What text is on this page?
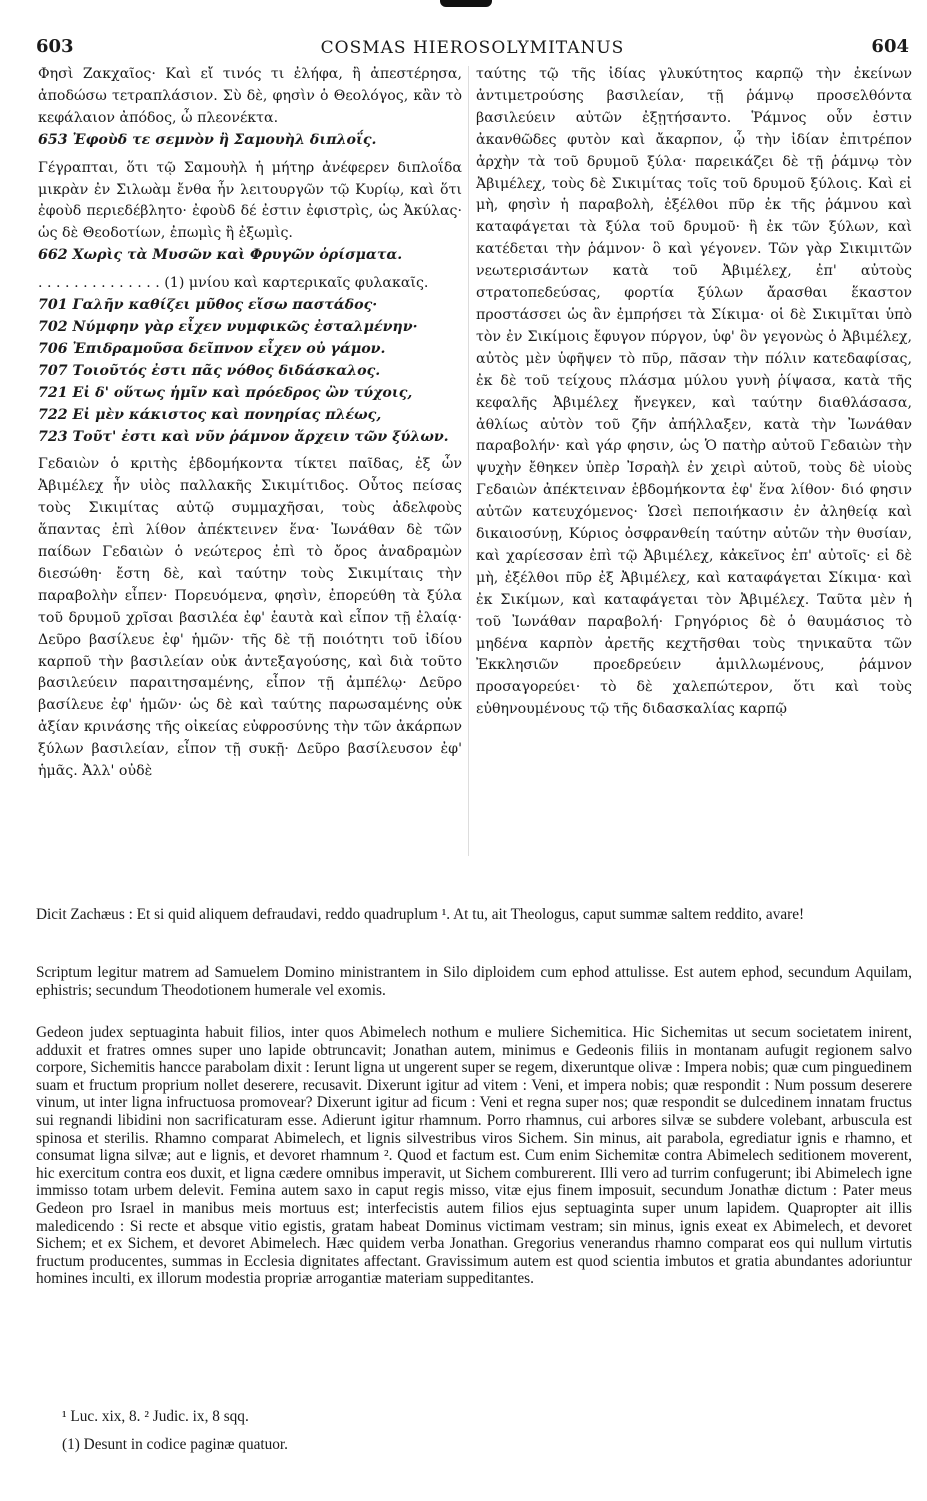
603	COSMAS HIEROSOLYMITANUS	604

Φησὶ Ζακχαῖος· Καὶ εἴ τινός τι ἐλήφα, ἢ ἀπεστέρησα, ἀποδώσω τετραπλάσιον. Σὺ δὲ, φησὶν ὁ Θεολόγος, κἂν τὸ κεφάλαιον ἀπόδος, ὦ πλεονέκτα.

653 Ἐφοὺδ τε σεμνὸν ἢ Σαμουὴλ διπλοΐς.

Γέγραπται, ὅτι τῷ Σαμουὴλ ἡ μήτηρ ἀνέφερεν διπλοΐδα μικρὰν ἐν Σιλωὰμ ἔνθα ἦν λειτουργῶν τῷ Κυρίῳ, καὶ ὅτι ἐφοὺδ περιεδέβλητο· ἐφοὺδ δέ ἐστιν ἐφιστρὶς, ὡς Ἀκύλας· ὡς δὲ Θεοδοτίων, ἐπωμὶς ἢ ἐξωμὶς.

662 Χωρὶς τὰ Μυσῶν καὶ Φρυγῶν ὁρίσματα.

. . . . . . . . . . . . . . (1) μνίου καὶ καρτερικαῖς φυλακαῖς.

701 Γαλῆν καθίζει μῦθος εἴσω παστάδος·

702 Νύμφην γὰρ εἶχεν νυμφικῶς ἐσταλμένην·

706 Ἐπιδραμοῦσα δεῖπνον εἶχεν οὐ γάμον.

707 Τοιοῦτός ἐστι πᾶς νόθος διδάσκαλος.

721 Εἰ δ' οὕτως ἡμῖν καὶ πρόεδρος ὢν τύχοις,

722 Εἰ μὲν κάκιστος καὶ πονηρίας πλέως,

723 Τοῦτ' ἐστι καὶ νῦν ῥάμνον ἄρχειν τῶν ξύλων.

Γεδαιὼν ὁ κριτὴς ἑβδομήκοντα τίκτει παῖδας, ἐξ ὧν Ἀβιμέλεχ ἦν υἱὸς παλλακῆς Σικιμίτιδος. Οὗτος πείσας τοὺς Σικιμίτας αὐτῷ συμμαχῆσαι, τοὺς ἀδελφοὺς ἅπαντας ἐπὶ λίθον ἀπέκτεινεν ἕνα· Ἰωνάθαν δὲ τῶν παίδων Γεδαιὼν ὁ νεώτερος ἐπὶ τὸ ὄρος ἀναδραμὼν διεσώθη· ἔστη δὲ, καὶ ταύτην τοὺς Σικιμίταις τὴν παραβολὴν εἶπεν· Πορευόμενα, φησὶν, ἐπορεύθη τὰ ξύλα τοῦ δρυμοῦ χρῖσαι βασιλέα ἐφ' ἑαυτὰ καὶ εἶπον τῇ ἐλαίᾳ· Δεῦρο βασίλευε ἐφ' ἡμῶν· τῆς δὲ τῇ ποιότητι τοῦ ἰδίου καρποῦ τὴν βασιλείαν οὐκ ἀντεξαγούσης, καὶ διὰ τοῦτο βασιλεύειν παραιτησαμένης, εἶπον τῇ ἀμπέλῳ· Δεῦρο βασίλευε ἐφ' ἡμῶν· ὡς δὲ καὶ ταύτης παρωσαμένης οὐκ ἀξίαν κρινάσης τῆς οἰκείας εὐφροσύνης τὴν τῶν ἀκάρπων ξύλων βασιλείαν, εἶπον τῇ συκῇ· Δεῦρο βασίλευσον ἐφ' ἡμᾶς. Ἀλλ' οὐδὲ

ταύτης τῷ τῆς ἰδίας γλυκύτητος καρπῷ τὴν ἐκείνων ἀντιμετρούσης βασιλείαν, τῇ ῥάμνῳ προσελθόντα βασιλεύειν αὐτῶν ἐξῃτήσαντο. Ῥάμνος οὖν ἐστιν ἀκανθῶδες φυτὸν καὶ ἄκαρπον, ᾧ τὴν ἰδίαν ἐπιτρέπον ἀρχὴν τὰ τοῦ δρυμοῦ ξύλα· παρεικάζει δὲ τῇ ῥάμνῳ τὸν Ἀβιμέλεχ, τοὺς δὲ Σικιμίτας τοῖς τοῦ δρυμοῦ ξύλοις. Καὶ εἰ μὴ, φησὶν ἡ παραβολὴ, ἐξέλθοι πῦρ ἐκ τῆς ῥάμνου καὶ καταφάγεται τὰ ξύλα τοῦ δρυμοῦ· ἢ ἐκ τῶν ξύλων, καὶ κατέδεται τὴν ῥάμνον· ὃ καὶ γέγονεν. Τῶν γὰρ Σικιμιτῶν νεωτερισάντων κατὰ τοῦ Ἀβιμέλεχ, ἐπ' αὐτοὺς στρατοπεδεύσας, φορτία ξύλων ἄρασθαι ἕκαστον προστάσσει ὡς ἂν ἐμπρήσει τὰ Σίκιμα· οἱ δὲ Σικιμῖται ὑπὸ τὸν ἐν Σικίμοις ἔφυγον πύργον, ὑφ' ὃν γεγονὼς ὁ Ἀβιμέλεχ, αὐτὸς μὲν ὑφῆψεν τὸ πῦρ, πᾶσαν τὴν πόλιν κατεδαφίσας, ἐκ δὲ τοῦ τείχους πλάσμα μύλου γυνὴ ῥίψασα, κατὰ τῆς κεφαλῆς Ἀβιμέλεχ ἤνεγκεν, καὶ ταύτην διαθλάσασα, ἀθλίως αὐτὸν τοῦ ζῆν ἀπήλλαξεν, κατὰ τὴν Ἰωνάθαν παραβολήν· καὶ γάρ φησιν, ὡς Ὁ πατὴρ αὐτοῦ Γεδαιὼν τὴν ψυχὴν ἔθηκεν ὑπὲρ Ἰσραὴλ ἐν χειρὶ αὐτοῦ, τοὺς δὲ υἱοὺς Γεδαιὼν ἀπέκτειναν ἑβδομήκοντα ἐφ' ἕνα λίθον· διό φησιν αὐτῶν κατευχόμενος· Ὡσεὶ πεποιήκασιν ἐν ἀληθείᾳ καὶ δικαιοσύνῃ, Κύριος ὀσφρανθείη ταύτην αὐτῶν τὴν θυσίαν, καὶ χαρίεσσαν ἐπὶ τῷ Ἀβιμέλεχ, κἀκεῖνος ἐπ' αὐτοῖς· εἰ δὲ μὴ, ἐξέλθοι πῦρ ἐξ Ἀβιμέλεχ, καὶ καταφάγεται Σίκιμα· καὶ ἐκ Σικίμων, καὶ καταφάγεται τὸν Ἀβιμέλεχ. Ταῦτα μὲν ἡ τοῦ Ἰωνάθαν παραβολή· Γρηγόριος δὲ ὁ θαυμάσιος τὸ μηδένα καρπὸν ἀρετῆς κεχτῆσθαι τοὺς τηνικαῦτα τῶν Ἐκκλησιῶν προεδρεύειν ἁμιλλωμένους, ῥάμνον προσαγορεύει· τὸ δὲ χαλεπώτερον, ὅτι καὶ τοὺς εὐθηνουμένους τῷ τῆς διδασκαλίας καρπῷ

Dicit Zachæus : Et si quid aliquem defraudavi, reddo quadruplum ¹. At tu, ait Theologus, caput summæ saltem reddito, avare!

Scriptum legitur matrem ad Samuelem Domino ministrantem in Silo diploidem cum ephod attulisse. Est autem ephod, secundum Aquilam, ephistris; secundum Theodotionem humerale vel exomis.

Gedeon judex septuaginta habuit filios, inter quos Abimelech nothum e muliere Sichemitica. Hic Sichemitas ut secum societatem inirent, adduxit et fratres omnes super uno lapide obtruncavit; Jonathan autem, minimus e Gedeonis filiis in montanam aufugit regionem salvo corpore, Sichemitis hancce parabolam dixit : Ierunt ligna ut ungerent super se regem, dixeruntque olivæ : Impera nobis; quæ cum pinguedinem suam et fructum proprium nollet deserere, recusavit. Dixerunt igitur ad vitem : Veni, et impera nobis; quæ respondit : Num possum deserere vinum, ut inter ligna infructuosa promovear? Dixerunt igitur ad ficum : Veni et regna super nos; quæ respondit se dulcedinem innatam fructus sui regnandi libidini non sacrificaturam esse. Adierunt igitur rhamnum. Porro rhamnus, cui arbores silvæ se subdere volebant, arbuscula est spinosa et sterilis. Rhamno comparat Abimelech, et lignis silvestribus viros Sichem. Sin minus, ait parabola, egrediatur ignis e rhamno, et consumat ligna silvæ; aut e lignis, et devoret rhamnum ². Quod et factum est. Cum enim Sichemitæ contra Abimelech seditionem moverent, hic exercitum contra eos duxit, et ligna cædere omnibus imperavit, ut Sichem comburerent. Illi vero ad turrim confugerunt; ibi Abimelech igne immisso totam urbem delevit. Femina autem saxo in caput regis misso, vitæ ejus finem imposuit, secundum Jonathæ dictum : Pater meus Gedeon pro Israel in manibus meis mortuus est; interfecistis autem filios ejus septuaginta super unum lapidem. Quapropter ait illis maledicendo : Si recte et absque vitio egistis, gratam habeat Dominus victimam vestram; sin minus, ignis exeat ex Abimelech, et devoret Sichem; et ex Sichem, et devoret Abimelech. Hæc quidem verba Jonathan. Gregorius venerandus rhamno comparat eos qui nullum virtutis fructum producentes, summas in Ecclesia dignitates affectant. Gravissimum autem est quod scientia imbutos et gratia abundantes adoriuntur homines inculti, ex illorum modestia propriæ arrogantiæ materiam suppeditantes.

¹ Luc. xix, 8. ² Judic. ix, 8 sqq.
(1) Desunt in codice paginæ quatuor.
